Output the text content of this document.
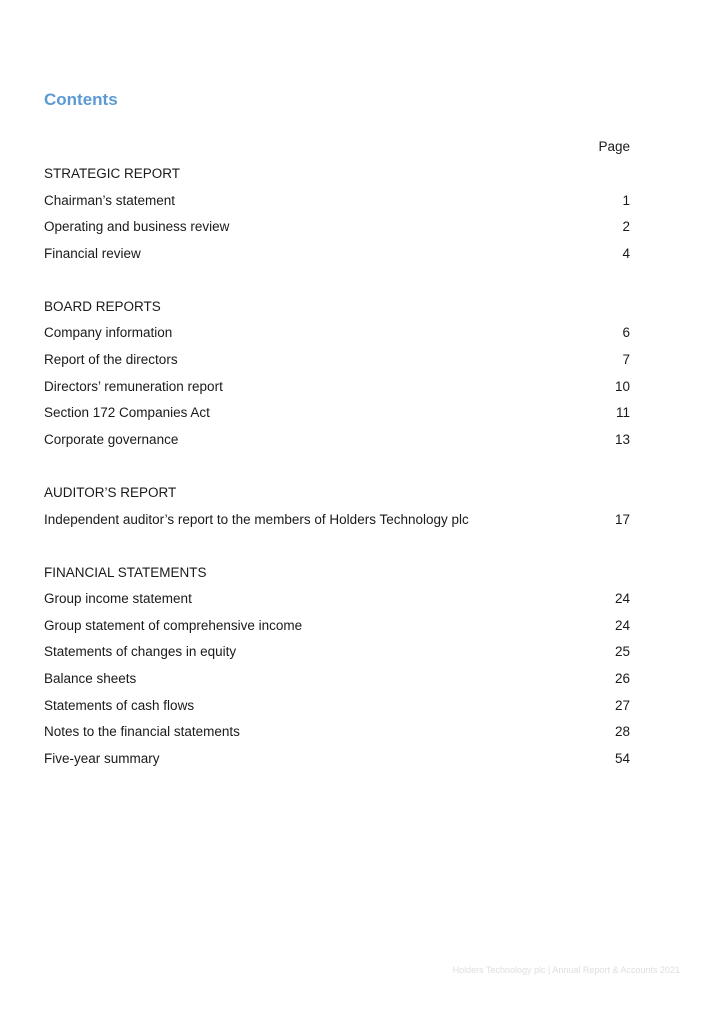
Contents
Page
STRATEGIC REPORT
Chairman’s statement	1
Operating and business review	2
Financial review	4
BOARD REPORTS
Company information	6
Report of the directors	7
Directors’ remuneration report	10
Section 172 Companies Act	11
Corporate governance	13
AUDITOR’S REPORT
Independent auditor’s report to the members of Holders Technology plc	17
FINANCIAL STATEMENTS
Group income statement	24
Group statement of comprehensive income	24
Statements of changes in equity	25
Balance sheets	26
Statements of cash flows	27
Notes to the financial statements	28
Five-year summary	54
Holders Technology plc | Annual Report & Accounts 2021
